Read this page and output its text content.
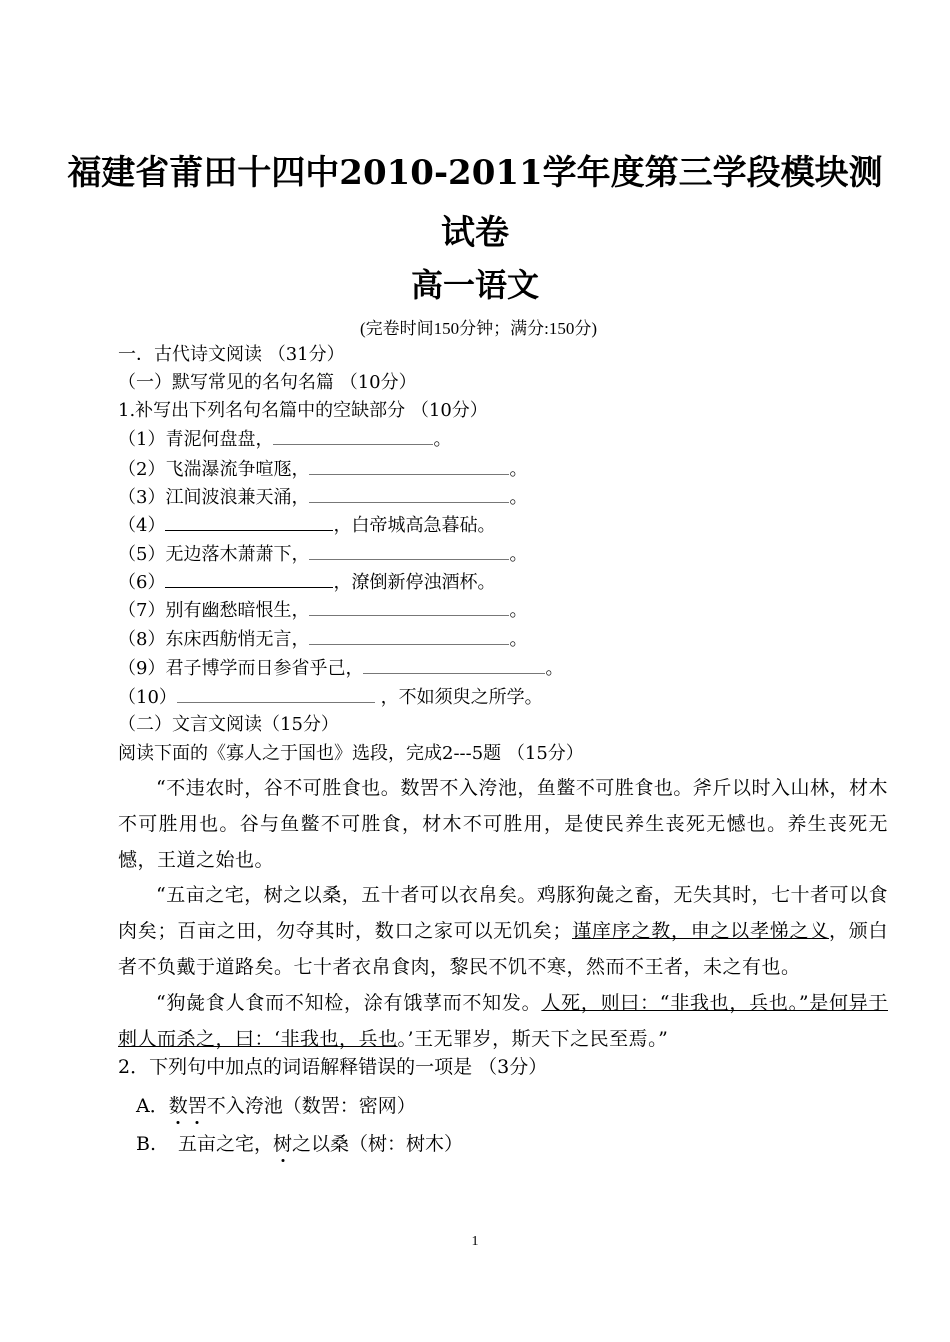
福建省莆田十四中2010-2011学年度第三学段模块测
试卷
高一语文
(完卷时间150分钟；满分:150分)
一．古代诗文阅读 （31分）
（一）默写常见的名句名篇 （10分）
1.补写出下列名句名篇中的空缺部分 （10分）
（1）青泥何盘盘，	。
（2）飞湍瀑流争喧豗，	。
（3）江间波浪兼天涌，	。
（4）	，白帝城高急暮砧。
（5）无边落木萧萧下，	。
（6）	，潦倒新停浊酒杯。
（7）别有幽愁暗恨生，	。
（8）东床西舫悄无言，	。
（9）君子博学而日参省乎己，	。
（10）	，不如须臾之所学。
（二）文言文阅读（15分）
阅读下面的《寡人之于国也》选段，完成2---5题 （15分）
“不违农时，谷不可胜食也。数罟不入洿池，鱼鳖不可胜食也。斧斤以时入山林，材木不可胜用也。谷与鱼鳖不可胜食，材木不可胜用，是使民养生丧死无憾也。养生丧死无憾，王道之始也。
“五亩之宅，树之以桑，五十者可以衣帛矣。鸡豚狗彘之畜，无失其时，七十者可以食肉矣；百亩之田，勿夺其时，数口之家可以无饥矣；谨庠序之教，申之以孝悌之义，颁白者不负戴于道路矣。七十者衣帛食肉，黎民不饥不寒，然而不王者，未之有也。
“狗彘食人食而不知检，涂有饿莩而不知发。人死，则曰：“非我也，兵也。”是何异于刺人而杀之，曰：‘非我也，兵也。’王无罪岁，斯天下之民至焉。”
2．下列句中加点的词语解释错误的一项是 （3分）
A．数罟不入洿池（数罟：密网）
B. 五亩之宅，树之以桑（树：树木）
1
